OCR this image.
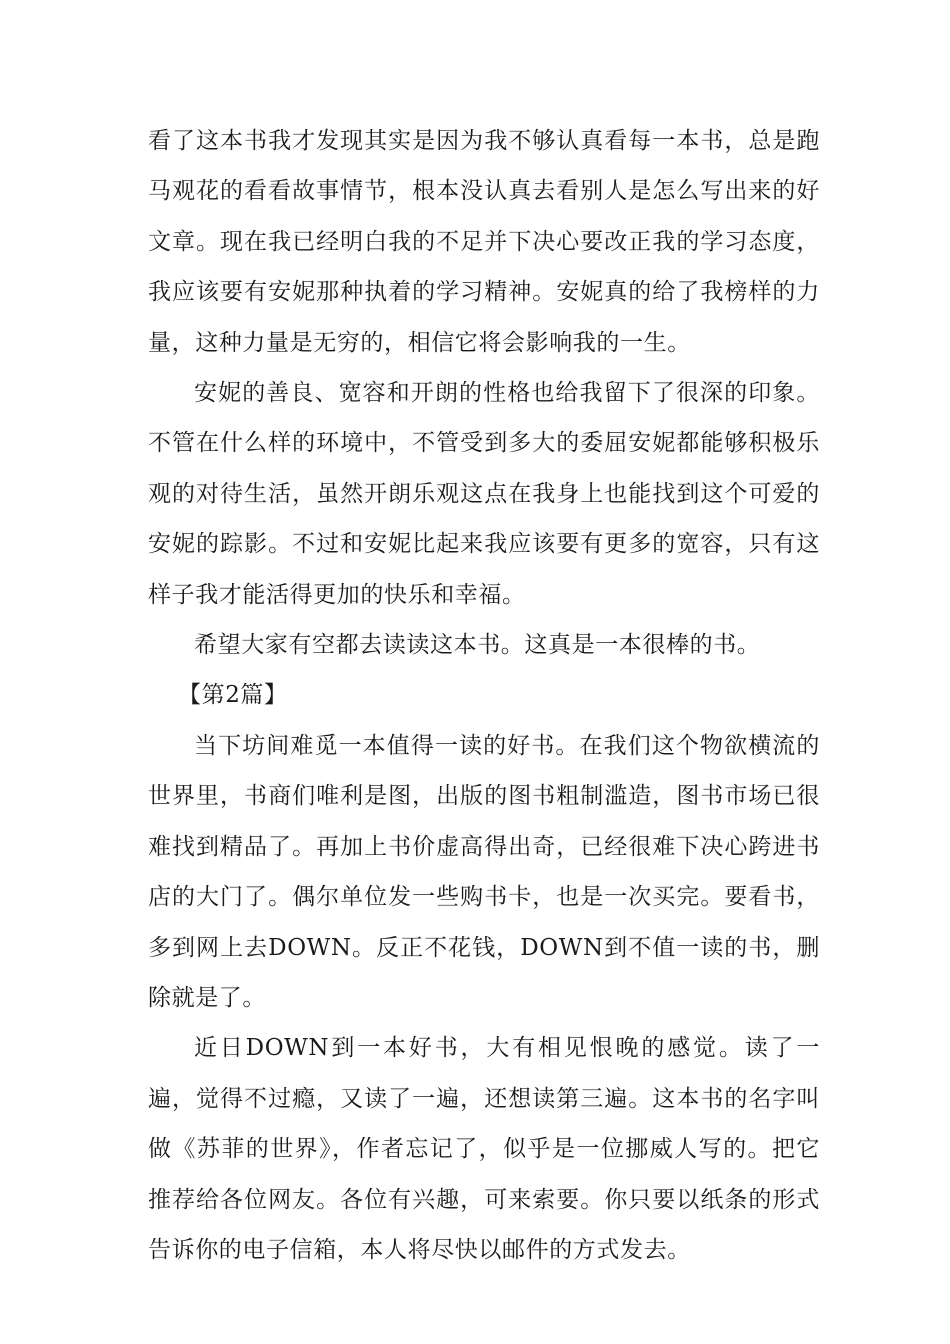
看了这本书我才发现其实是因为我不够认真看每一本书，总是跑马观花的看看故事情节，根本没认真去看别人是怎么写出来的好文章。现在我已经明白我的不足并下决心要改正我的学习态度，我应该要有安妮那种执着的学习精神。安妮真的给了我榜样的力量，这种力量是无穷的，相信它将会影响我的一生。

安妮的善良、宽容和开朗的性格也给我留下了很深的印象。不管在什么样的环境中，不管受到多大的委屈安妮都能够积极乐观的对待生活，虽然开朗乐观这点在我身上也能找到这个可爱的安妮的踪影。不过和安妮比起来我应该要有更多的宽容，只有这样子我才能活得更加的快乐和幸福。

希望大家有空都去读读这本书。这真是一本很棒的书。

【第2篇】

当下坊间难觅一本值得一读的好书。在我们这个物欲横流的世界里，书商们唯利是图，出版的图书粗制滥造，图书市场已很难找到精品了。再加上书价虚高得出奇，已经很难下决心跨进书店的大门了。偶尔单位发一些购书卡，也是一次买完。要看书，多到网上去DOWN。反正不花钱，DOWN到不值一读的书，删除就是了。

近日DOWN到一本好书，大有相见恨晚的感觉。读了一遍，觉得不过瘾，又读了一遍，还想读第三遍。这本书的名字叫做《苏菲的世界》，作者忘记了，似乎是一位挪威人写的。把它推荐给各位网友。各位有兴趣，可来索要。你只要以纸条的形式告诉你的电子信箱，本人将尽快以邮件的方式发去。
